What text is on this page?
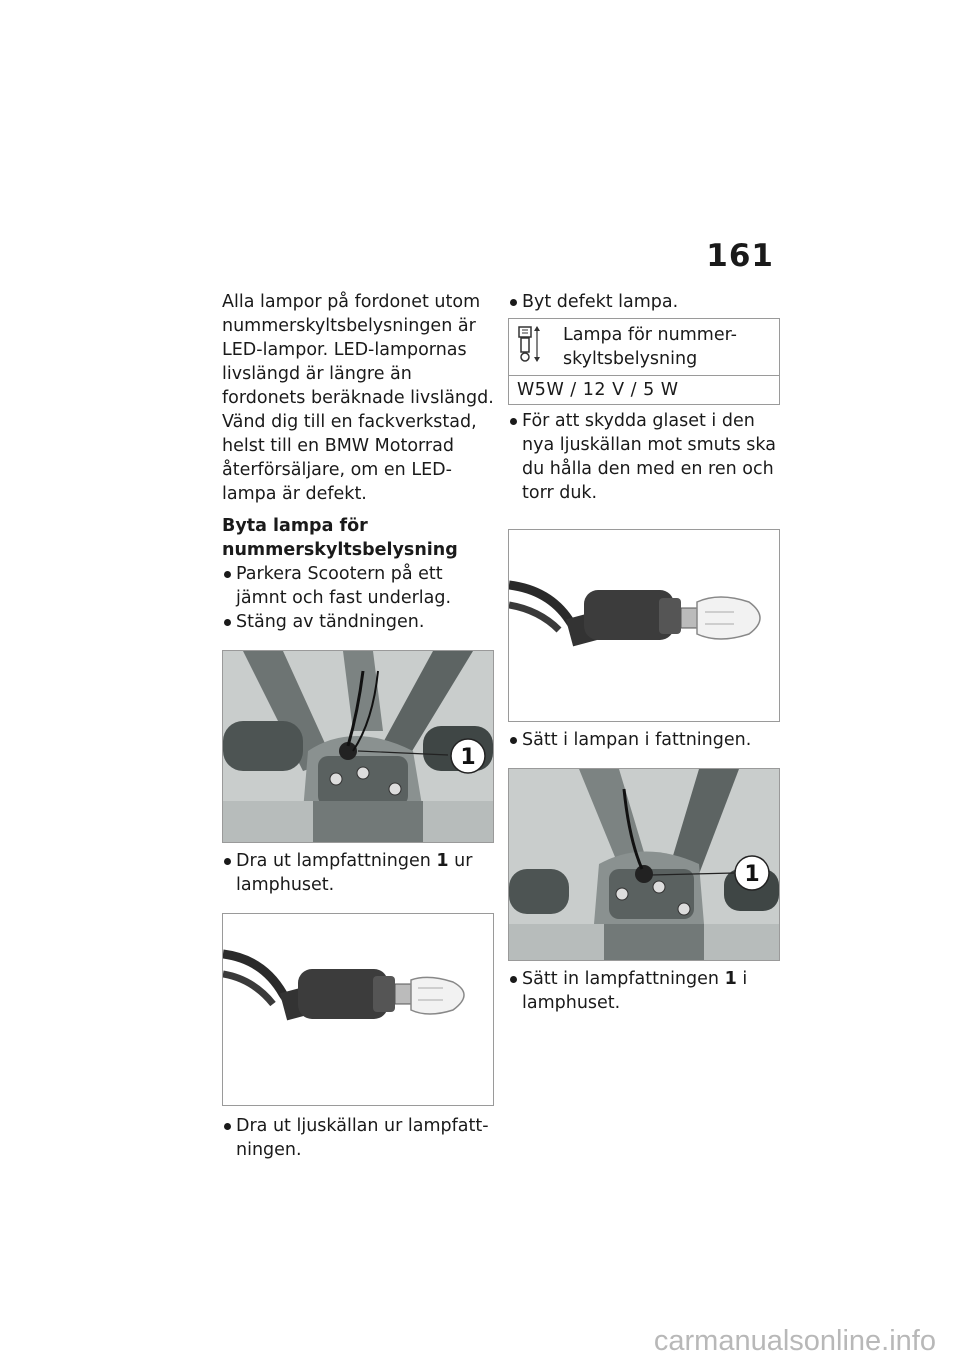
161

Alla lampor på fordonet utom nummerskyltsbelysningen är LED-lampor. LED-lampornas livslängd är längre än fordonets beräknade livslängd. Vänd dig till en fackverkstad, helst till en BMW Motorrad återförsäljare, om en LED-lampa är defekt.

Byta lampa för nummerskyltsbelysning
Parkera Scootern på ett jämnt och fast underlag.
Stäng av tändningen.
1
Dra ut lampfattningen 1 ur lamphuset.
Dra ut ljuskällan ur lampfatt-ningen.
Byt defekt lampa.
	Lampa för nummer-skyltsbelysning
W5W / 12 V / 5 W
För att skydda glaset i den nya ljuskällan mot smuts ska du hålla den med en ren och torr duk.
Sätt i lampan i fattningen.
1
Sätt in lampfattningen 1 i lamphuset.
carmanualsonline.info
